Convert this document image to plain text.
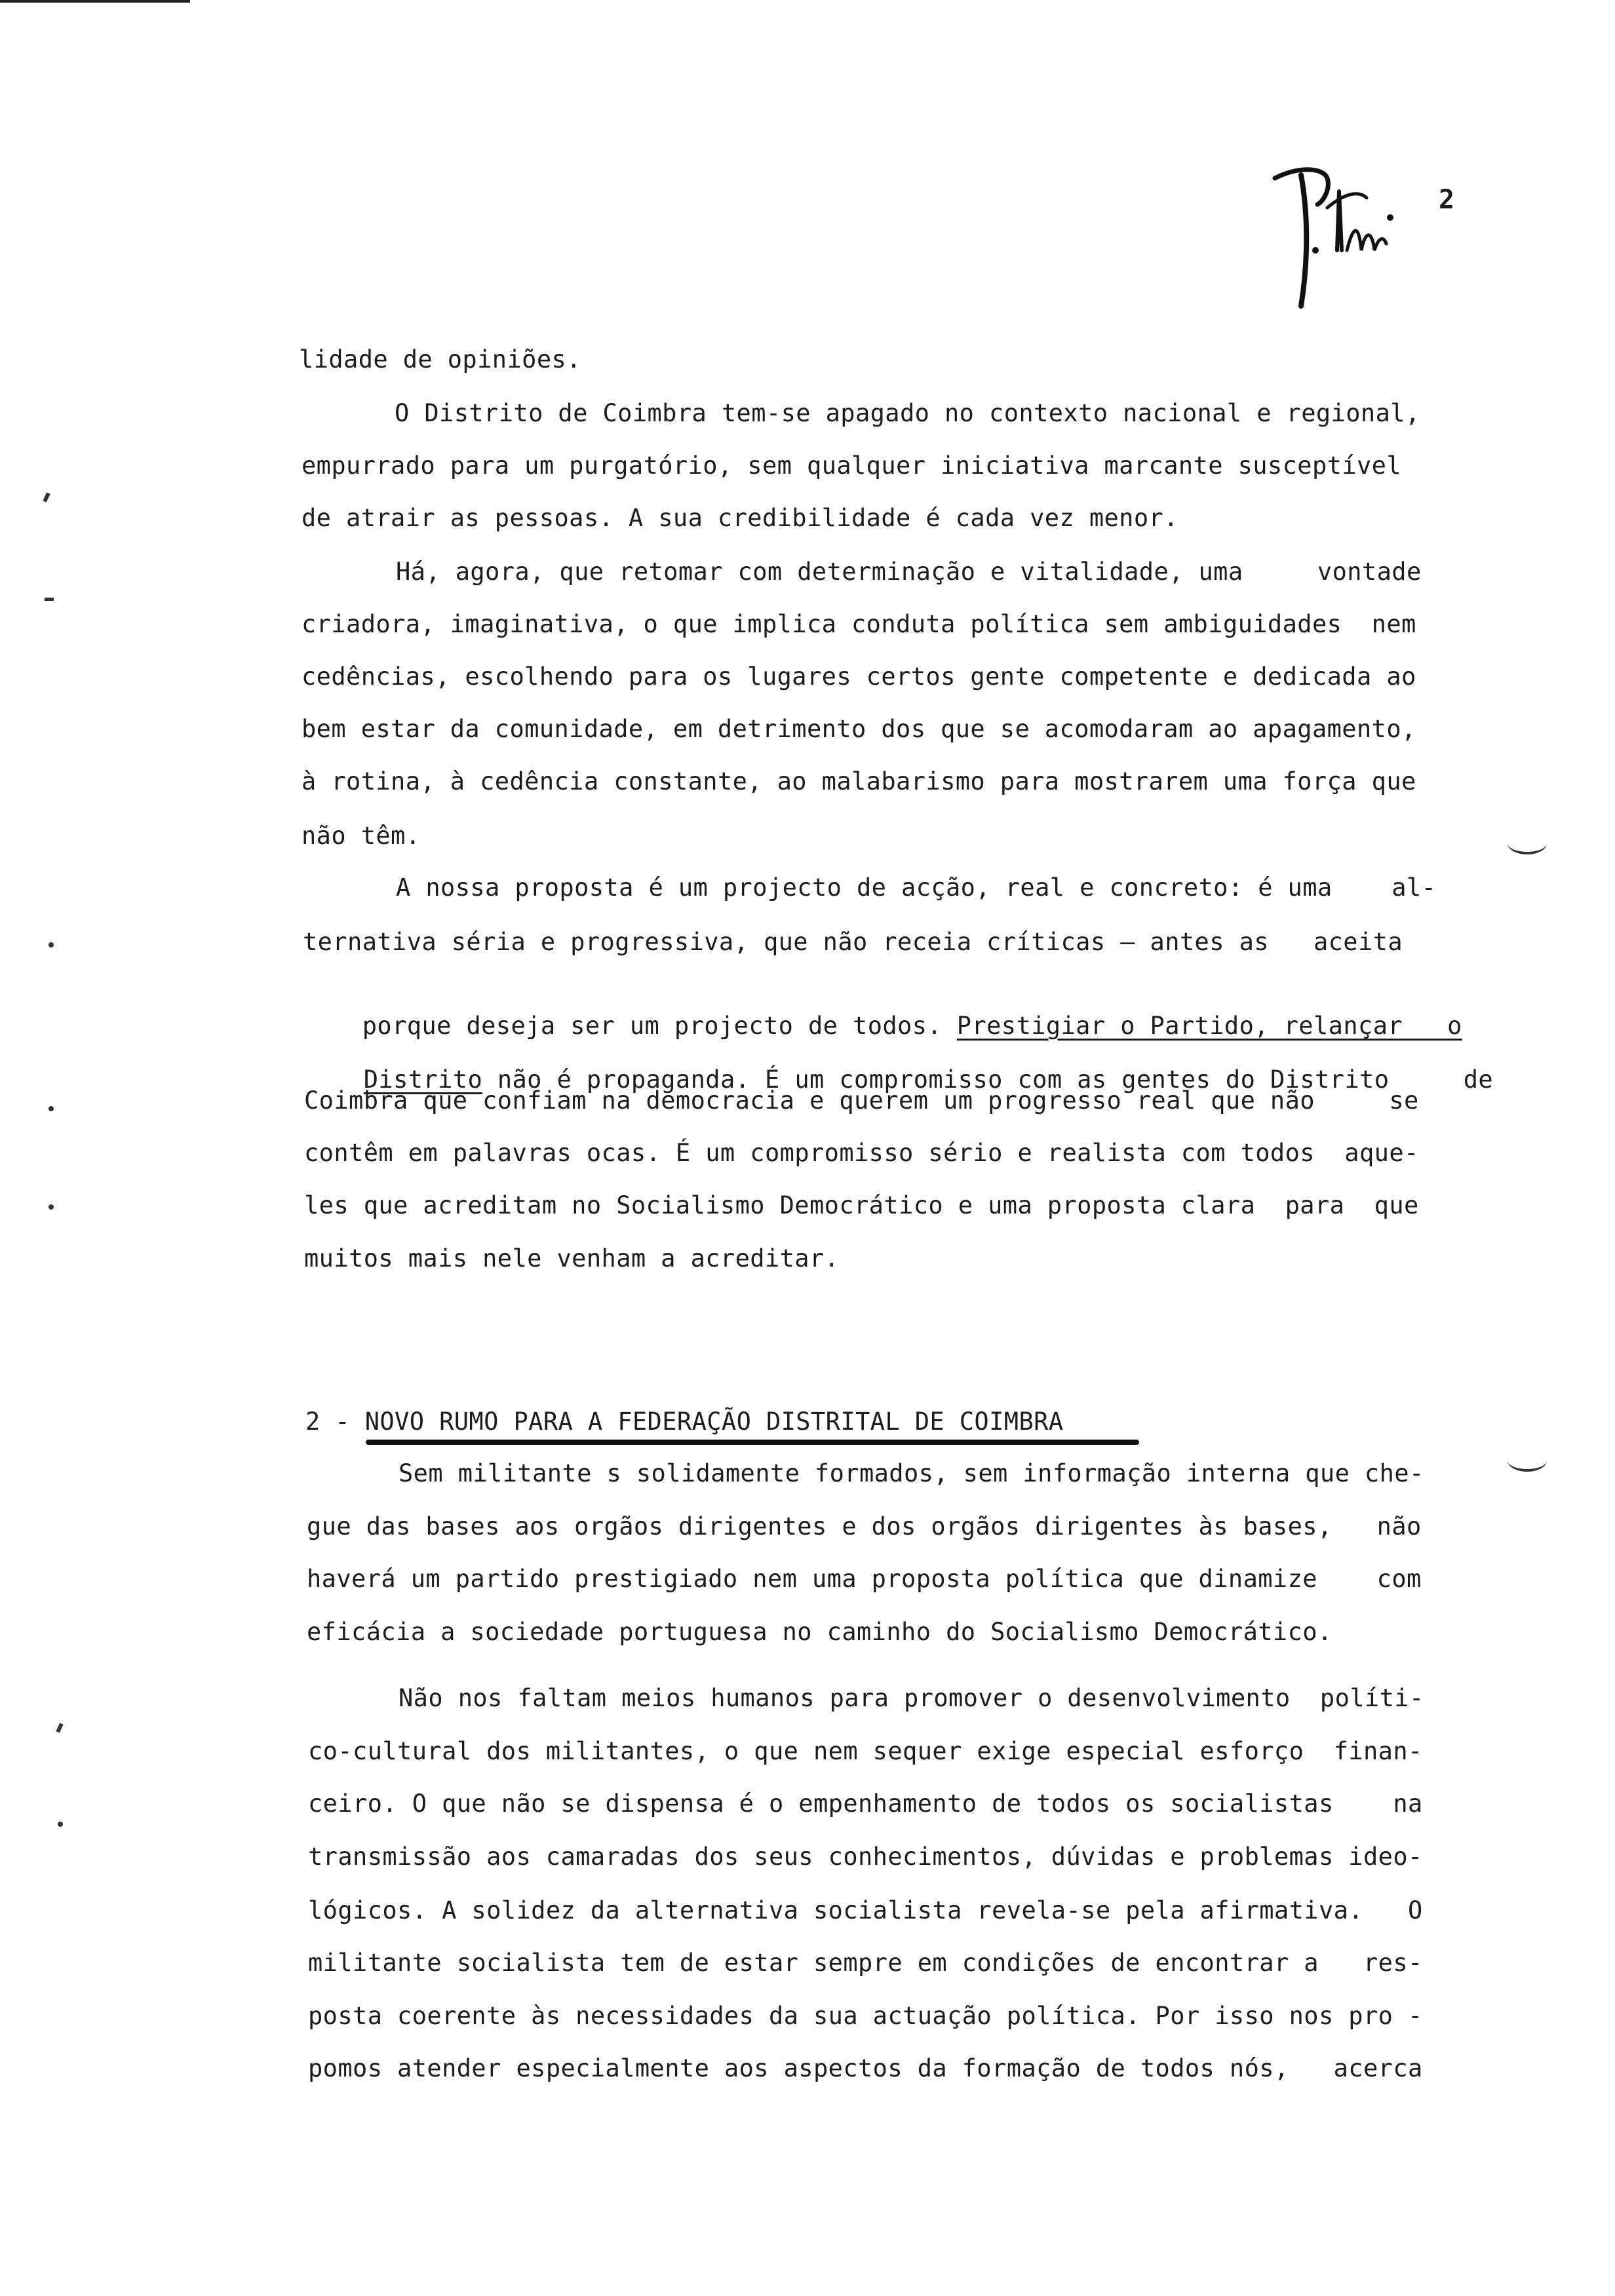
2
lidade de opiniões.
O Distrito de Coimbra tem-se apagado no contexto nacional e regional,
empurrado para um purgatório, sem qualquer iniciativa marcante susceptível
de atrair as pessoas. A sua credibilidade é cada vez menor.
Há, agora, que retomar com determinação e vitalidade, uma     vontade
criadora, imaginativa, o que implica conduta política sem ambiguidades  nem
cedências, escolhendo para os lugares certos gente competente e dedicada ao
bem estar da comunidade, em detrimento dos que se acomodaram ao apagamento,
à rotina, à cedência constante, ao malabarismo para mostrarem uma força que
não têm.
A nossa proposta é um projecto de acção, real e concreto: é uma    al-
ternativa séria e progressiva, que não receia críticas — antes as   aceita

porque deseja ser um projecto de todos. Prestigiar o Partido, relançar   o

Distrito não é propaganda. É um compromisso com as gentes do Distrito     de

Coimbra que confiam na democracia e querem um progresso real que não     se
contêm em palavras ocas. É um compromisso sério e realista com todos  aque-
les que acreditam no Socialismo Democrático e uma proposta clara  para  que
muitos mais nele venham a acreditar.
2 - NOVO RUMO PARA A FEDERAÇÃO DISTRITAL DE COIMBRA
Sem militante s solidamente formados, sem informação interna que che-
gue das bases aos orgãos dirigentes e dos orgãos dirigentes às bases,   não
haverá um partido prestigiado nem uma proposta política que dinamize    com
eficácia a sociedade portuguesa no caminho do Socialismo Democrático.
Não nos faltam meios humanos para promover o desenvolvimento  políti-
co-cultural dos militantes, o que nem sequer exige especial esforço  finan-
ceiro. O que não se dispensa é o empenhamento de todos os socialistas    na
transmissão aos camaradas dos seus conhecimentos, dúvidas e problemas ideo-
lógicos. A solidez da alternativa socialista revela-se pela afirmativa.   O
militante socialista tem de estar sempre em condições de encontrar a   res-
posta coerente às necessidades da sua actuação política. Por isso nos pro -
pomos atender especialmente aos aspectos da formação de todos nós,   acerca
